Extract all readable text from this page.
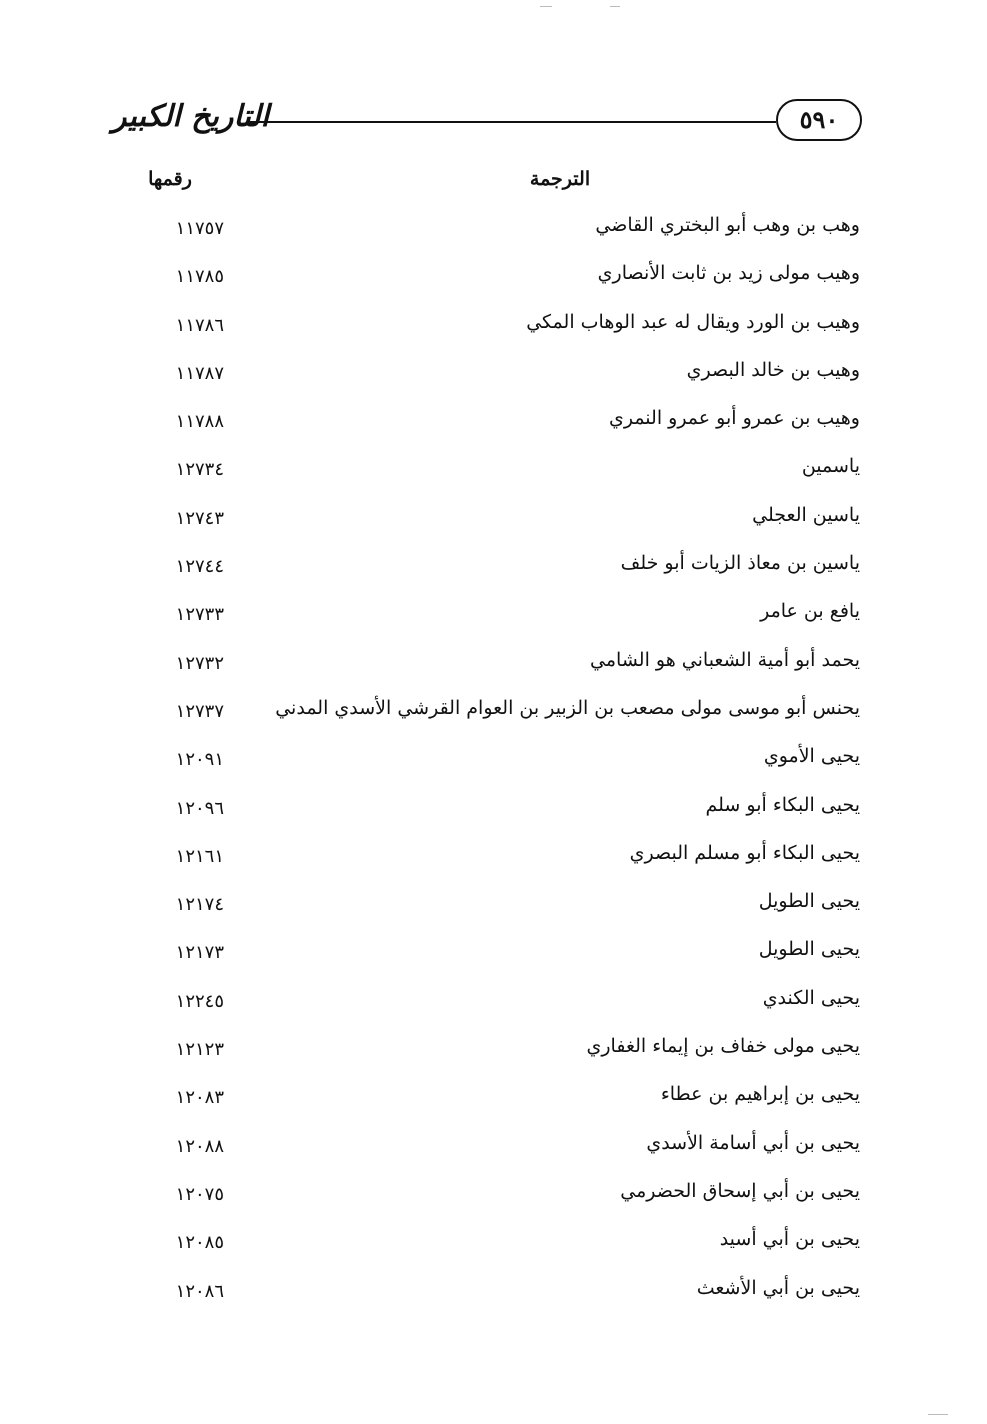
التاريخ الكبير	٥٩٠
الترجمة
رقمها
وهب بن وهب أبو البختري القاضي
١١٧٥٧
وهيب مولى زيد بن ثابت الأنصاري
١١٧٨٥
وهيب بن الورد ويقال له عبد الوهاب المكي
١١٧٨٦
وهيب بن خالد البصري
١١٧٨٧
وهيب بن عمرو أبو عمرو النمري
١١٧٨٨
ياسمين
١٢٧٣٤
ياسين العجلي
١٢٧٤٣
ياسين بن معاذ الزيات أبو خلف
١٢٧٤٤
يافع بن عامر
١٢٧٣٣
يحمد أبو أمية الشعباني هو الشامي
١٢٧٣٢
يحنس أبو موسى مولى مصعب بن الزبير بن العوام القرشي الأسدي المدني
١٢٧٣٧
يحيى الأموي
١٢٠٩١
يحيى البكاء أبو سلم
١٢٠٩٦
يحيى البكاء أبو مسلم البصري
١٢١٦١
يحيى الطويل
١٢١٧٤
يحيى الطويل
١٢١٧٣
يحيى الكندي
١٢٢٤٥
يحيى مولى خفاف بن إيماء الغفاري
١٢١٢٣
يحيى بن إبراهيم بن عطاء
١٢٠٨٣
يحيى بن أبي أسامة الأسدي
١٢٠٨٨
يحيى بن أبي إسحاق الحضرمي
١٢٠٧٥
يحيى بن أبي أسيد
١٢٠٨٥
يحيى بن أبي الأشعث
١٢٠٨٦
